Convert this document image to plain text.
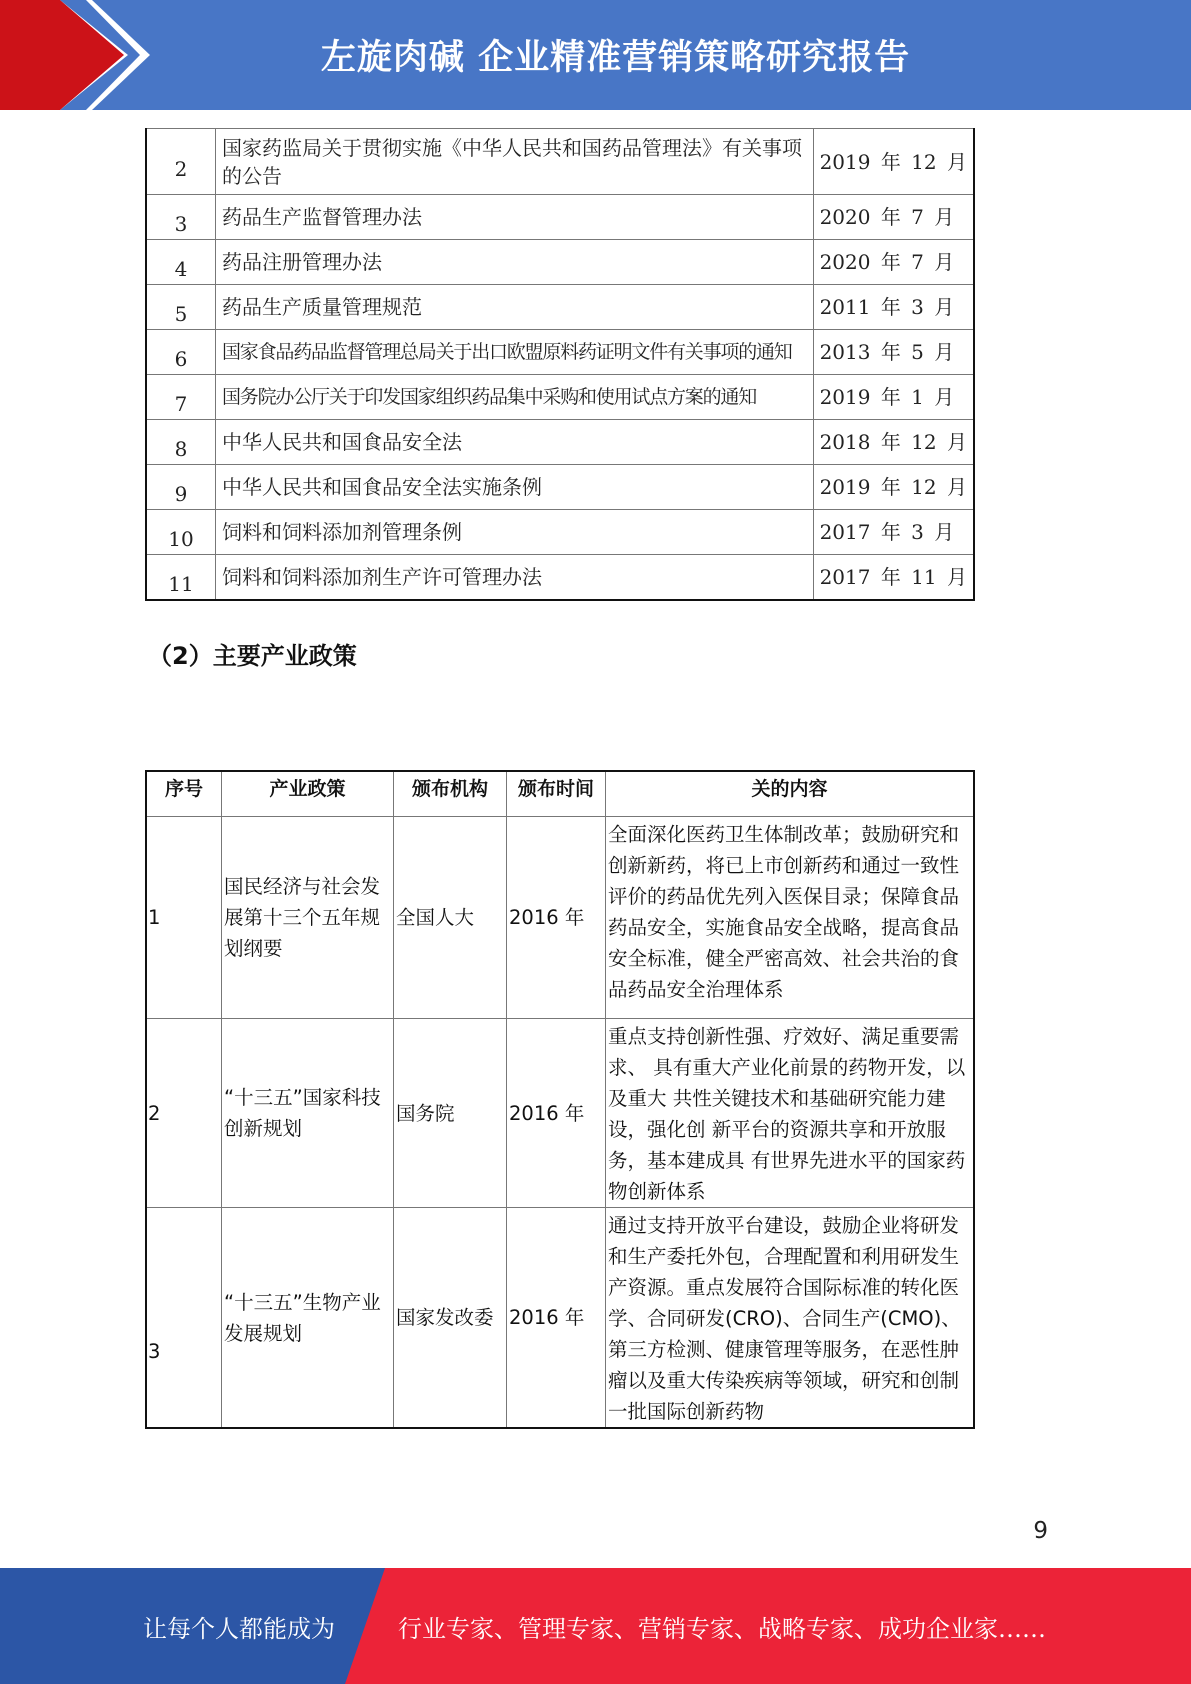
左旋肉碱 企业精准营销策略研究报告
2	国家药监局关于贯彻实施《中华人民共和国药品管理法》有关事项的公告	2019 年 12 月
3	药品生产监督管理办法	2020 年 7 月
4	药品注册管理办法	2020 年 7 月
5	药品生产质量管理规范	2011 年 3 月
6	国家食品药品监督管理总局关于出口欧盟原料药证明文件有关事项的通知	2013 年 5 月
7	国务院办公厅关于印发国家组织药品集中采购和使用试点方案的通知	2019 年 1 月
8	中华人民共和国食品安全法	2018 年 12 月
9	中华人民共和国食品安全法实施条例	2019 年 12 月
10	饲料和饲料添加剂管理条例	2017 年 3 月
11	饲料和饲料添加剂生产许可管理办法	2017 年 11 月
（2）主要产业政策
序号	产业政策	颁布机构	颁布时间	关的内容
1	国民经济与社会发展第十三个五年规划纲要	全国人大	2016 年	全面深化医药卫生体制改革；鼓励研究和 创新新药，将已上市创新药和通过一致性 评价的药品优先列入医保目录；保障食品 药品安全，实施食品安全战略，提高食品 安全标准，健全严密高效、社会共治的食 品药品安全治理体系
2	“十三五”国家科技创新规划	国务院	2016 年	重点支持创新性强、疗效好、满足重要需求、 具有重大产业化前景的药物开发，以及重大 共性关键技术和基础研究能力建设，强化创 新平台的资源共享和开放服务，基本建成具 有世界先进水平的国家药物创新体系
3	“十三五”生物产业发展规划	国家发改委	2016 年	通过支持开放平台建设，鼓励企业将研发 和生产委托外包，合理配置和利用研发生 产资源。重点发展符合国际标准的转化医 学、合同研发(CRO)、合同生产(CMO)、 第三方检测、健康管理等服务，在恶性肿 瘤以及重大传染疾病等领域，研究和创制 一批国际创新药物
9
让每个人都能成为	行业专家、管理专家、营销专家、战略专家、成功企业家……
